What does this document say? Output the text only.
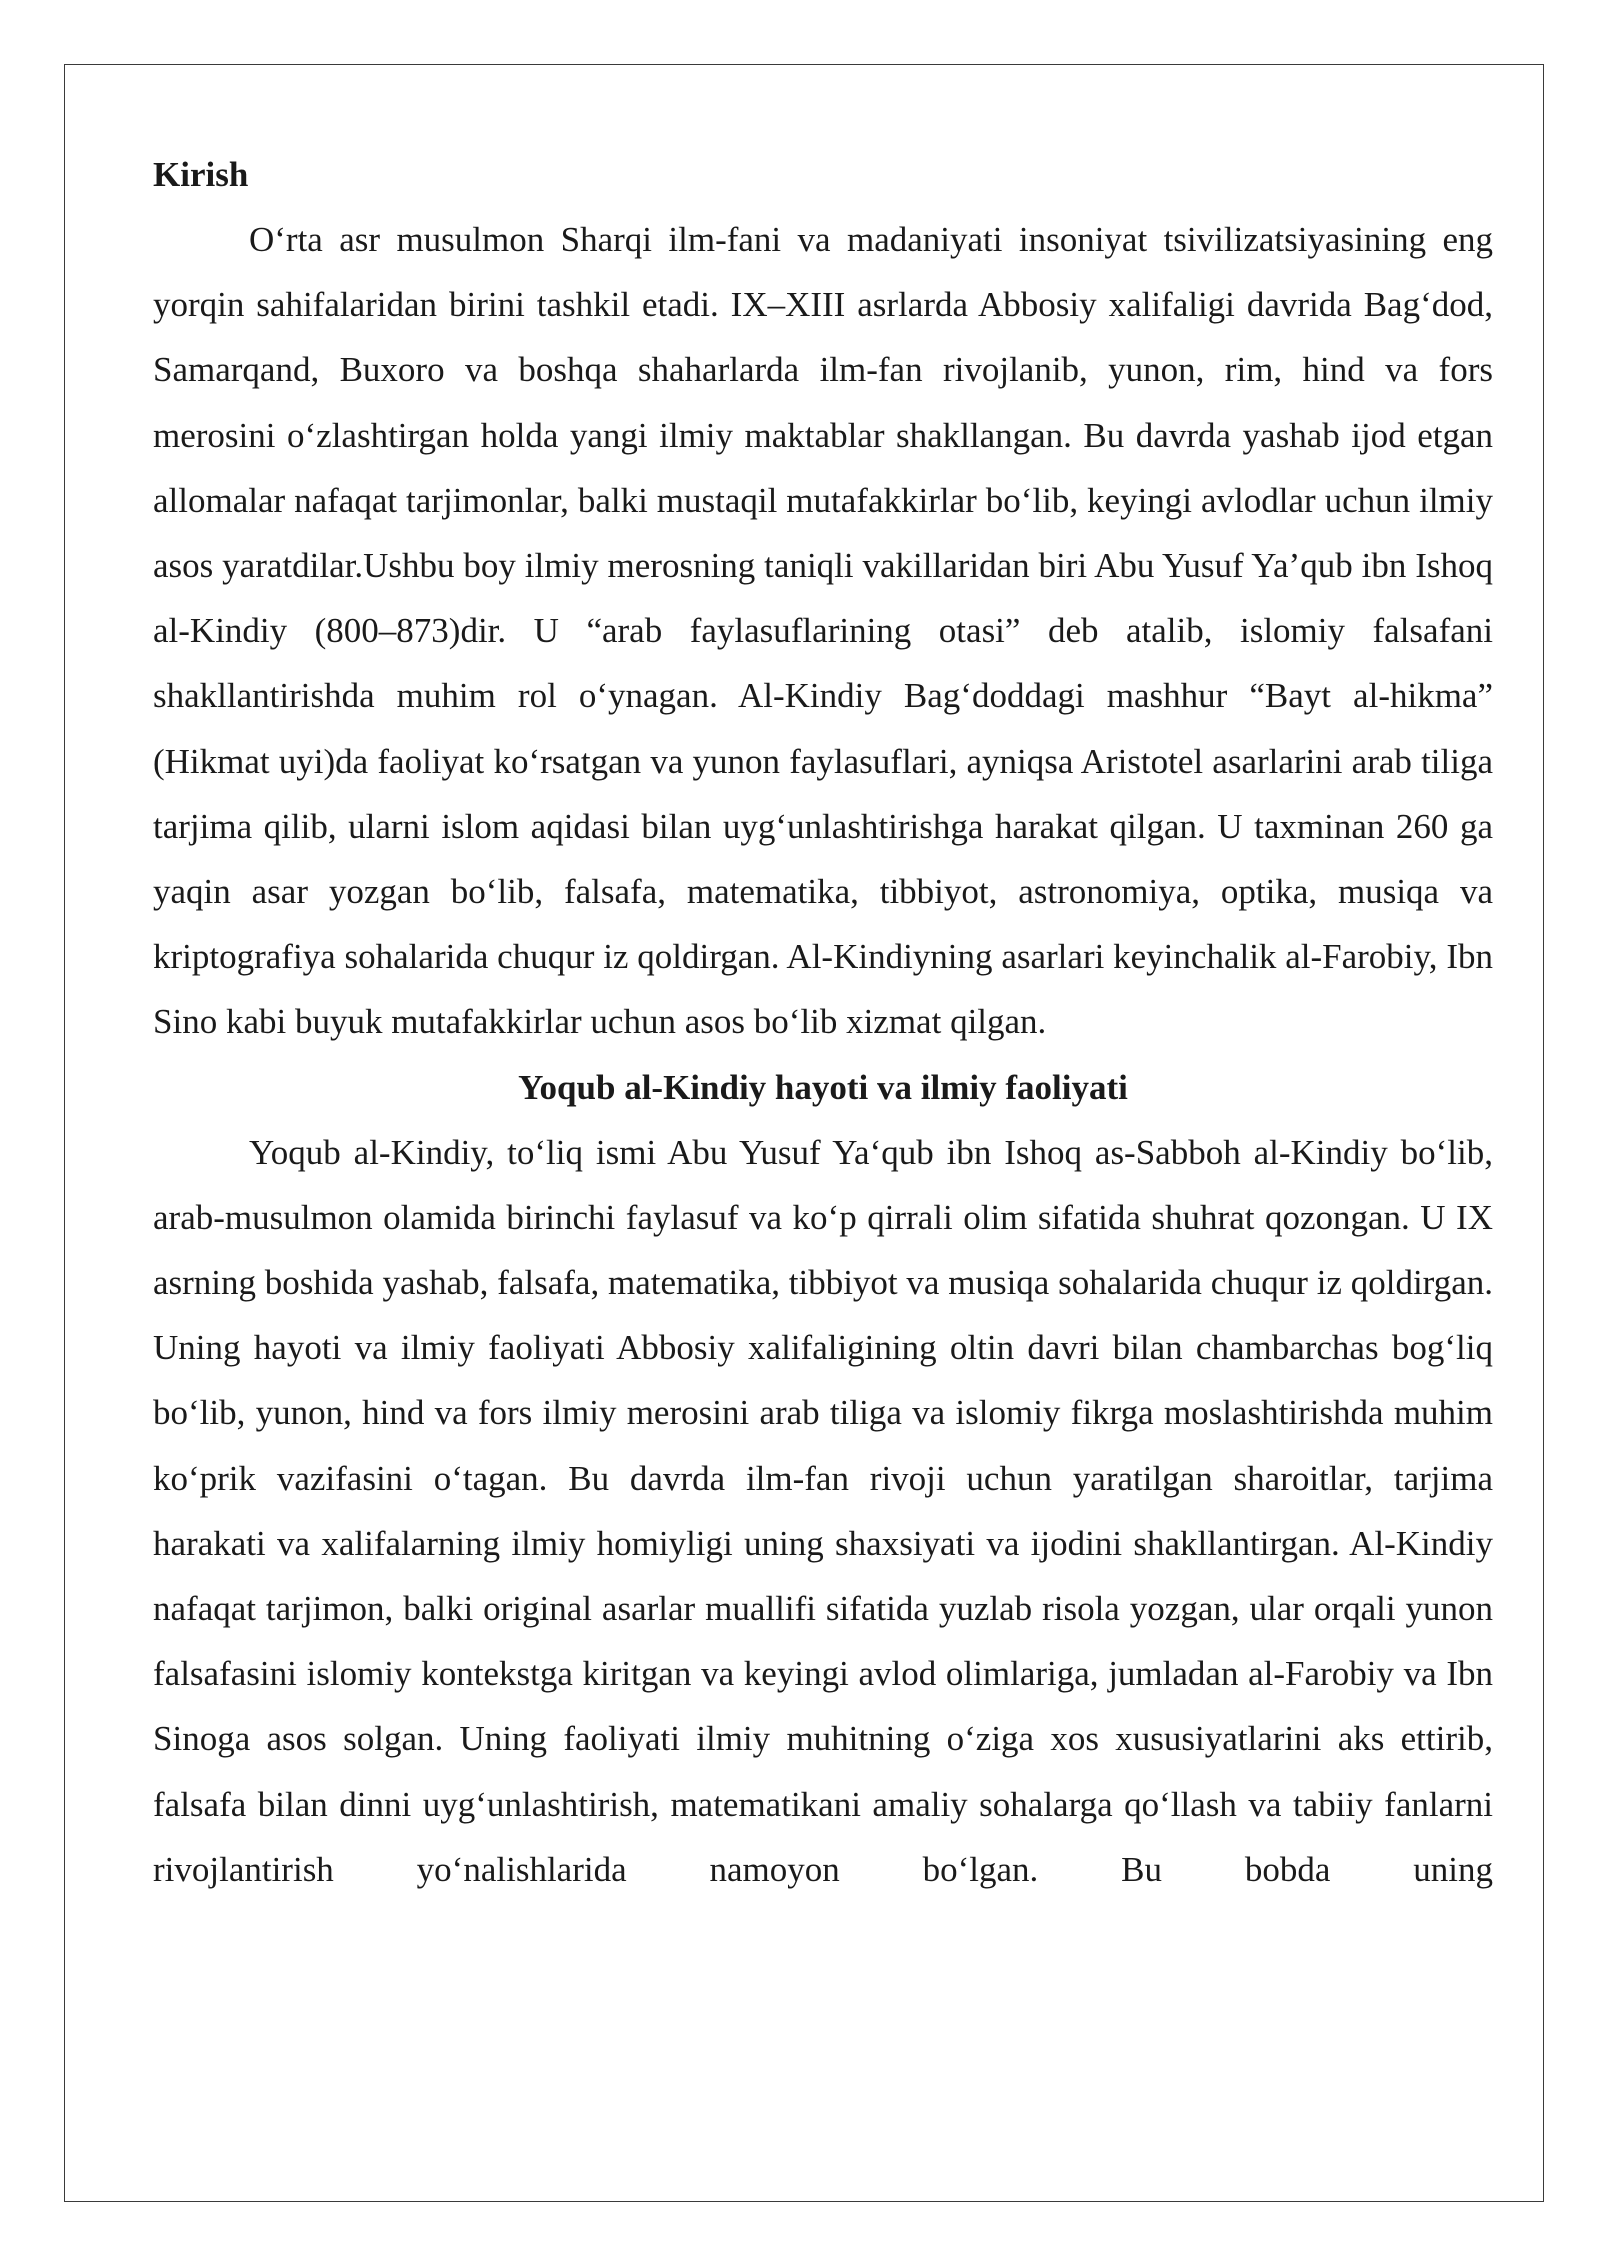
Kirish

O‘rta asr musulmon Sharqi ilm-fani va madaniyati insoniyat tsivilizatsiyasining eng yorqin sahifalaridan birini tashkil etadi. IX–XIII asrlarda Abbosiy xalifaligi davrida Bag‘dod, Samarqand, Buxoro va boshqa shaharlarda ilm-fan rivojlanib, yunon, rim, hind va fors merosini o‘zlashtirgan holda yangi ilmiy maktablar shakllangan. Bu davrda yashab ijod etgan allomalar nafaqat tarjimonlar, balki mustaqil mutafakkirlar bo‘lib, keyingi avlodlar uchun ilmiy asos yaratdilar.Ushbu boy ilmiy merosning taniqli vakillaridan biri Abu Yusuf Ya’qub ibn Ishoq al-Kindiy (800–873)dir. U “arab faylasuflarining otasi” deb atalib, islomiy falsafani shakllantirishda muhim rol o‘ynagan. Al-Kindiy Bag‘doddagi mashhur “Bayt al-hikma” (Hikmat uyi)da faoliyat ko‘rsatgan va yunon faylasuflari, ayniqsa Aristotel asarlarini arab tiliga tarjima qilib, ularni islom aqidasi bilan uyg‘unlashtirishga harakat qilgan. U taxminan 260 ga yaqin asar yozgan bo‘lib, falsafa, matematika, tibbiyot, astronomiya, optika, musiqa va kriptografiya sohalarida chuqur iz qoldirgan. Al-Kindiyning asarlari keyinchalik al-Farobiy, Ibn Sino kabi buyuk mutafakkirlar uchun asos bo‘lib xizmat qilgan.

Yoqub al-Kindiy hayoti va ilmiy faoliyati

Yoqub al-Kindiy, to‘liq ismi Abu Yusuf Ya‘qub ibn Ishoq as-Sabboh al-Kindiy bo‘lib, arab-musulmon olamida birinchi faylasuf va ko‘p qirrali olim sifatida shuhrat qozongan. U IX asrning boshida yashab, falsafa, matematika, tibbiyot va musiqa sohalarida chuqur iz qoldirgan. Uning hayoti va ilmiy faoliyati Abbosiy xalifaligining oltin davri bilan chambarchas bog‘liq bo‘lib, yunon, hind va fors ilmiy merosini arab tiliga va islomiy fikrga moslashtirishda muhim ko‘prik vazifasini o‘tagan. Bu davrda ilm-fan rivoji uchun yaratilgan sharoitlar, tarjima harakati va xalifalarning ilmiy homiyligi uning shaxsiyati va ijodini shakllantirgan. Al-Kindiy nafaqat tarjimon, balki original asarlar muallifi sifatida yuzlab risola yozgan, ular orqali yunon falsafasini islomiy kontekstga kiritgan va keyingi avlod olimlariga, jumladan al-Farobiy va Ibn Sinoga asos solgan. Uning faoliyati ilmiy muhitning o‘ziga xos xususiyatlarini aks ettirib, falsafa bilan dinni uyg‘unlashtirish, matematikani amaliy sohalarga qo‘llash va tabiiy fanlarni rivojlantirish yo‘nalishlarida namoyon bo‘lgan. Bu bobda uning
